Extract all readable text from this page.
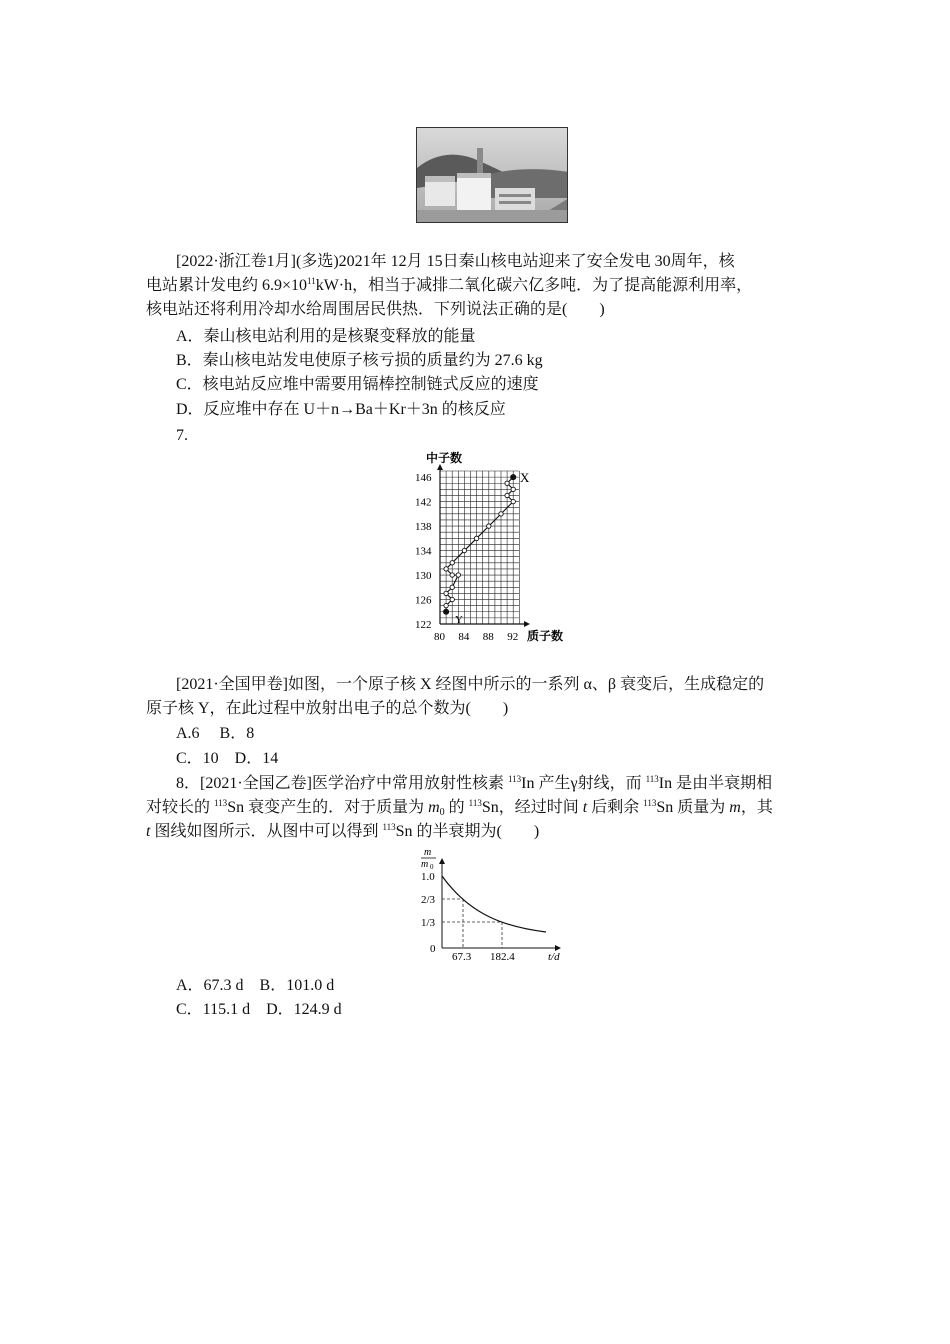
[2022·浙江卷1月](多选)2021年 12月 15日秦山核电站迎来了安全发电 30周年，核
电站累计发电约 $6.9\times 10^{11}kW\cdot h$，相当于减排二氧化碳六亿多吨．为了提高能源利用率，
核电站还将利用冷却水给周围居民供热．下列说法正确的是(　　)
A．秦山核电站利用的是核聚变释放的能量
B．秦山核电站发电使原子核亏损的质量约为 27.6 kg
C．核电站反应堆中需要用镉棒控制链式反应的速度
D．反应堆中存在 U＋n→Ba＋Kr＋3n 的核反应
7.
中子数
质子数
122
126
130
134
138
142
146
80 84 88 92
X
Y
[2021·全国甲卷]如图，一个原子核 X 经图中所示的一系列 α、β 衰变后，生成稳定的
原子核 Y，在此过程中放射出电子的总个数为(　　)
A.6　 B．8
C．10　D．14
8．[2021·全国乙卷]医学治疗中常用放射性核素 $^{113}$In 产生γ射线，而 $^{113}$In 是由半衰期相
对较长的 $^{113}$Sn 衰变产生的．对于质量为 $m_0$ 的 $^{113}$Sn，经过时间 t 后剩余 $^{113}$Sn 质量为 m，其
t 图线如图所示．从图中可以得到 $^{113}$Sn 的半衰期为(　　)
m
m 0
1.0
2/3
1/3
0
67.3 182.4	t/d
A．67.3 d　B．101.0 d
C．115.1 d　D．124.9 d
